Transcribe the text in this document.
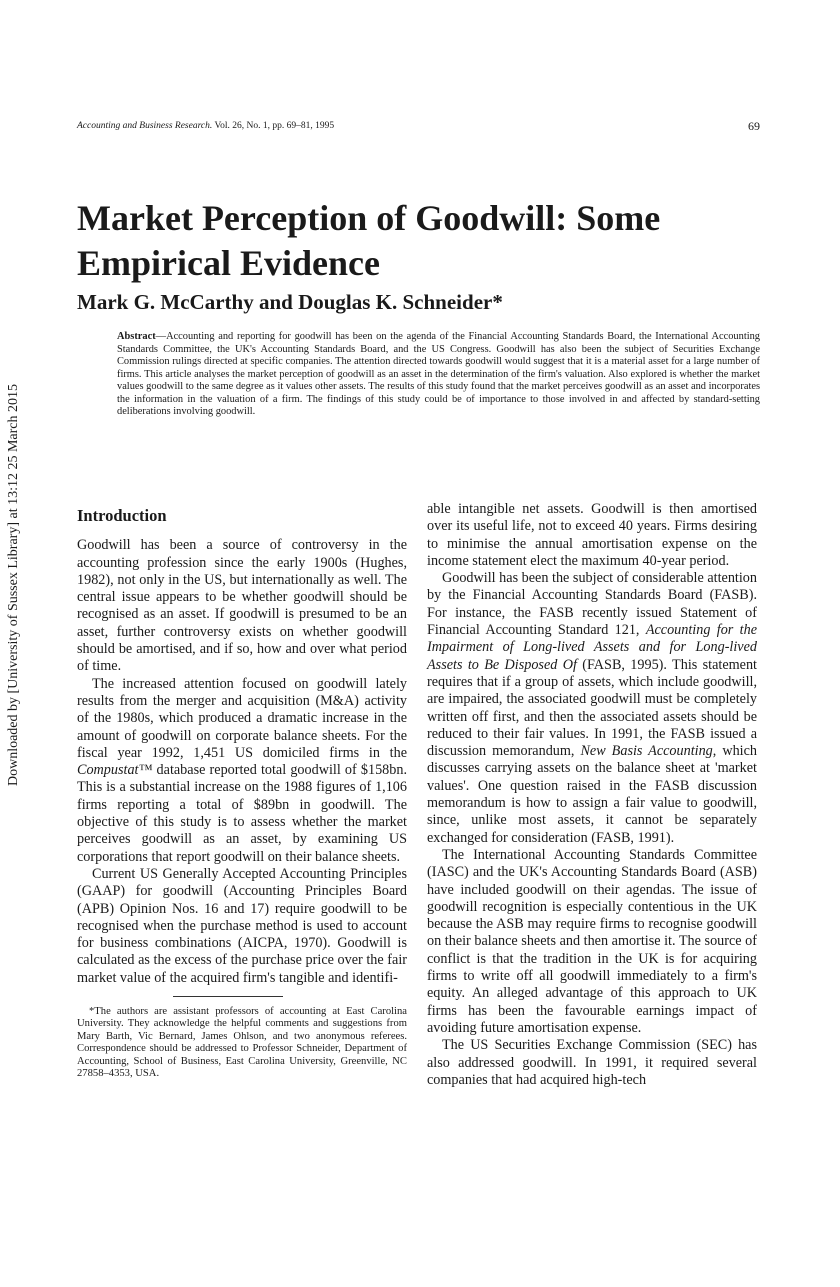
Accounting and Business Research. Vol. 26, No. 1, pp. 69–81, 1995	69
Downloaded by [University of Sussex Library] at 13:12 25 March 2015
Market Perception of Goodwill: Some Empirical Evidence
Mark G. McCarthy and Douglas K. Schneider*

Abstract—Accounting and reporting for goodwill has been on the agenda of the Financial Accounting Standards Board, the International Accounting Standards Committee, the UK's Accounting Standards Board, and the US Congress. Goodwill has also been the subject of Securities Exchange Commission rulings directed at specific companies. The attention directed towards goodwill would suggest that it is a material asset for a large number of firms. This article analyses the market perception of goodwill as an asset in the determination of the firm's valuation. Also explored is whether the market values goodwill to the same degree as it values other assets. The results of this study found that the market perceives goodwill as an asset and incorporates the information in the valuation of a firm. The findings of this study could be of importance to those involved in and affected by standard-setting deliberations involving goodwill.

Introduction

Goodwill has been a source of controversy in the accounting profession since the early 1900s (Hughes, 1982), not only in the US, but internationally as well. The central issue appears to be whether goodwill should be recognised as an asset. If goodwill is presumed to be an asset, further controversy exists on whether goodwill should be amortised, and if so, how and over what period of time.

The increased attention focused on goodwill lately results from the merger and acquisition (M&A) activity of the 1980s, which produced a dramatic increase in the amount of goodwill on corporate balance sheets. For the fiscal year 1992, 1,451 US domiciled firms in the Compustat™ database reported total goodwill of $158bn. This is a substantial increase on the 1988 figures of 1,106 firms reporting a total of $89bn in goodwill. The objective of this study is to assess whether the market perceives goodwill as an asset, by examining US corporations that report goodwill on their balance sheets.

Current US Generally Accepted Accounting Principles (GAAP) for goodwill (Accounting Principles Board (APB) Opinion Nos. 16 and 17) require goodwill to be recognised when the purchase method is used to account for business combinations (AICPA, 1970). Goodwill is calculated as the excess of the purchase price over the fair market value of the acquired firm's tangible and identifi-

*The authors are assistant professors of accounting at East Carolina University. They acknowledge the helpful comments and suggestions from Mary Barth, Vic Bernard, James Ohlson, and two anonymous referees. Correspondence should be addressed to Professor Schneider, Department of Accounting, School of Business, East Carolina University, Greenville, NC 27858–4353, USA.

able intangible net assets. Goodwill is then amortised over its useful life, not to exceed 40 years. Firms desiring to minimise the annual amortisation expense on the income statement elect the maximum 40-year period.

Goodwill has been the subject of considerable attention by the Financial Accounting Standards Board (FASB). For instance, the FASB recently issued Statement of Financial Accounting Standard 121, Accounting for the Impairment of Long-lived Assets and for Long-lived Assets to Be Disposed Of (FASB, 1995). This statement requires that if a group of assets, which include goodwill, are impaired, the associated goodwill must be completely written off first, and then the associated assets should be reduced to their fair values. In 1991, the FASB issued a discussion memorandum, New Basis Accounting, which discusses carrying assets on the balance sheet at 'market values'. One question raised in the FASB discussion memorandum is how to assign a fair value to goodwill, since, unlike most assets, it cannot be separately exchanged for consideration (FASB, 1991).

The International Accounting Standards Committee (IASC) and the UK's Accounting Standards Board (ASB) have included goodwill on their agendas. The issue of goodwill recognition is especially contentious in the UK because the ASB may require firms to recognise goodwill on their balance sheets and then amortise it. The source of conflict is that the tradition in the UK is for acquiring firms to write off all goodwill immediately to a firm's equity. An alleged advantage of this approach to UK firms has been the favourable earnings impact of avoiding future amortisation expense.

The US Securities Exchange Commission (SEC) has also addressed goodwill. In 1991, it required several companies that had acquired high-tech
